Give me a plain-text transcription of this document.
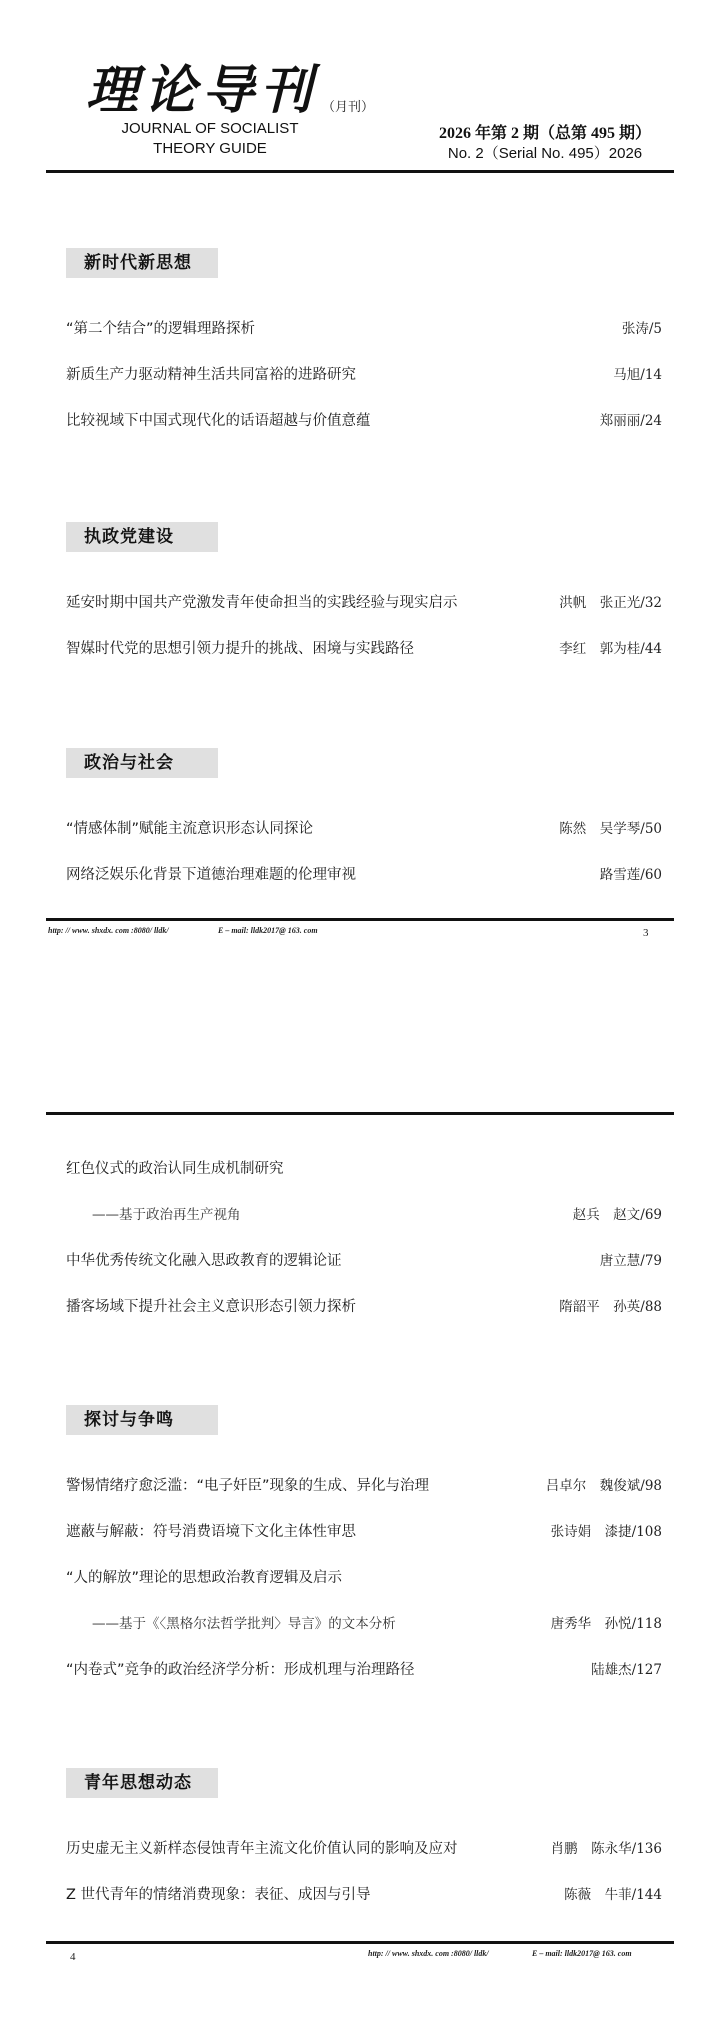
理论导刊 （月刊）
JOURNAL OF SOCIALIST
THEORY GUIDE
2026 年第 2 期（总第 495 期）
No. 2（Serial No. 495）2026
新时代新思想
“第二个结合”的逻辑理路探析	张涛/5
新质生产力驱动精神生活共同富裕的进路研究	马旭/14
比较视域下中国式现代化的话语超越与价值意蕴	郑丽丽/24
执政党建设
延安时期中国共产党激发青年使命担当的实践经验与现实启示	洪帆　张正光/32
智媒时代党的思想引领力提升的挑战、困境与实践路径	李红　郭为桂/44
政治与社会
“情感体制”赋能主流意识形态认同探论	陈然　吴学琴/50
网络泛娱乐化背景下道德治理难题的伦理审视	路雪莲/60
http: // www. shxdx. com :8080/ lldk/	E – mail: lldk2017@ 163. com	3
红色仪式的政治认同生成机制研究
——基于政治再生产视角	赵兵　赵文/69
中华优秀传统文化融入思政教育的逻辑论证	唐立慧/79
播客场域下提升社会主义意识形态引领力探析	隋韶平　孙英/88
探讨与争鸣
警惕情绪疗愈泛滥：“电子奸臣”现象的生成、异化与治理	吕卓尔　魏俊斌/98
遮蔽与解蔽：符号消费语境下文化主体性审思	张诗娟　漆捷/108
“人的解放”理论的思想政治教育逻辑及启示
——基于《〈黑格尔法哲学批判〉导言》的文本分析	唐秀华　孙悦/118
“内卷式”竞争的政治经济学分析：形成机理与治理路径	陆雄杰/127
青年思想动态
历史虚无主义新样态侵蚀青年主流文化价值认同的影响及应对	肖鹏　陈永华/136
Z 世代青年的情绪消费现象：表征、成因与引导	陈薇　牛菲/144
4	http: // www. shxdx. com :8080/ lldk/	E – mail: lldk2017@ 163. com
